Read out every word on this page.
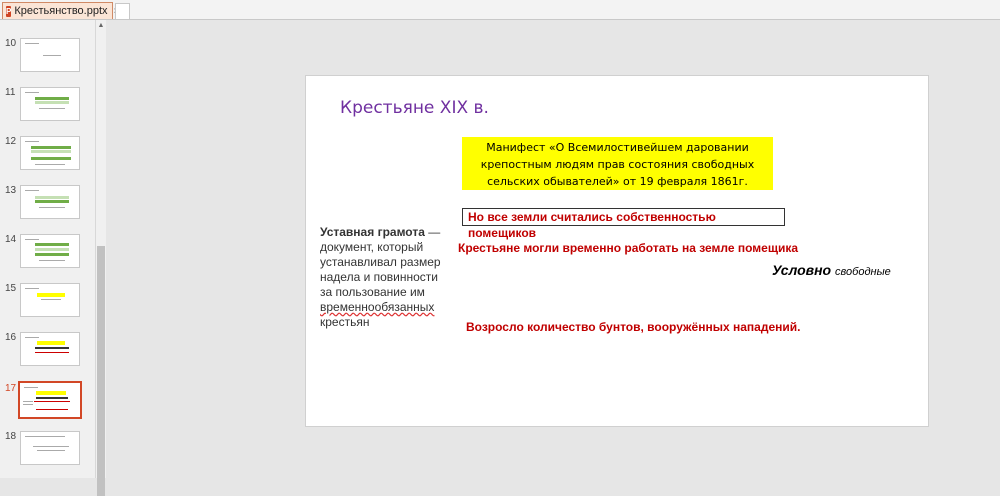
P Крестьянство.pptx
10
11
12
13
14
15
16
17
18
▲
Крестьяне XIX в.
Манифест «О Всемилостивейшем даровании
крепостным людям прав состояния свободных
сельских обывателей» от 19 февраля 1861г.
Но все земли считались собственностью помещиков
Уставная грамота — документ, который устанавливал размер надела и повинности за пользование им временнообязанных крестьян
Крестьяне могли временно работать на земле помещика
Условно свободные
Возросло количество бунтов, вооружённых нападений.
